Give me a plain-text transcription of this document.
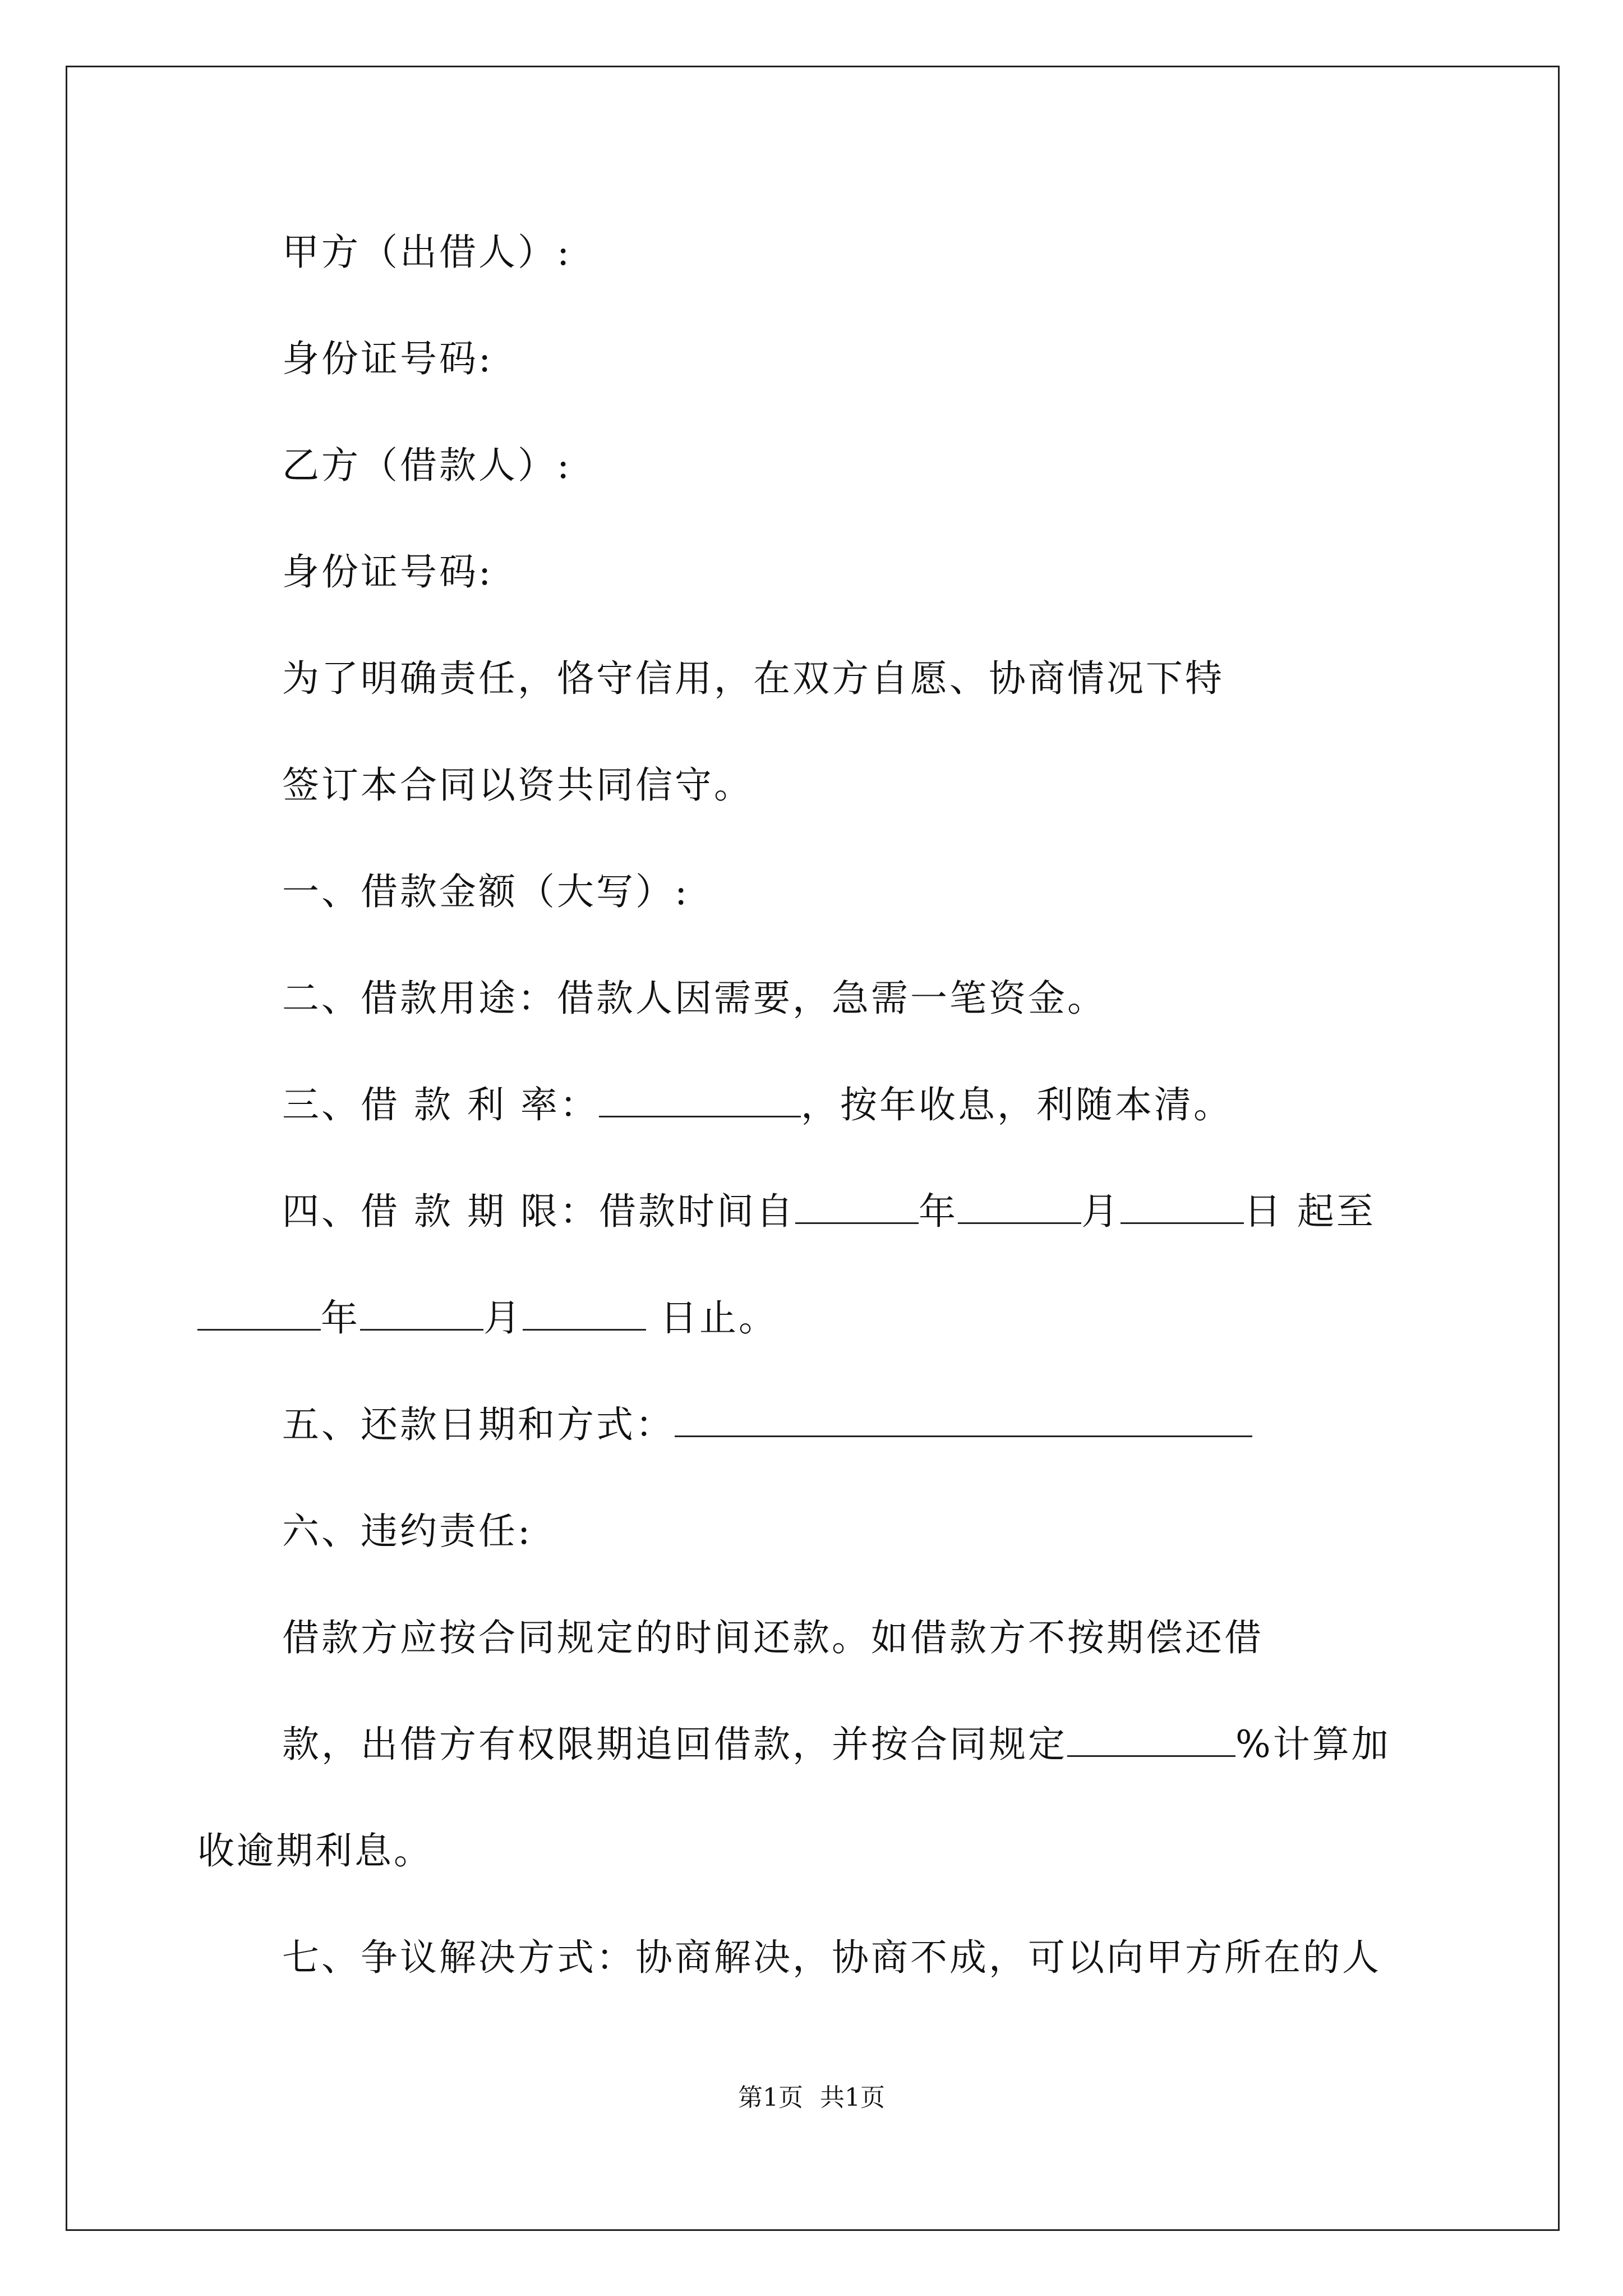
甲方（出借人）:
身份证号码:
乙方（借款人）:
身份证号码:
为了明确责任，恪守信用，在双方自愿、协商情况下特
签订本合同以资共同信守。
一、借款金额（大写）:
二、借款用途：借款人因需要，急需一笔资金。
三、借 款 利 率：	，按年收息，利随本清。
四、借 款 期 限：借款时间自	年	月	日 起至
年	月	日止。
五、还款日期和方式：
六、违约责任:
借款方应按合同规定的时间还款。如借款方不按期偿还借
款，出借方有权限期追回借款，并按合同规定	%计算加
收逾期利息。
七、争议解决方式：协商解决，协商不成，可以向甲方所在的人
第1页 共1页
